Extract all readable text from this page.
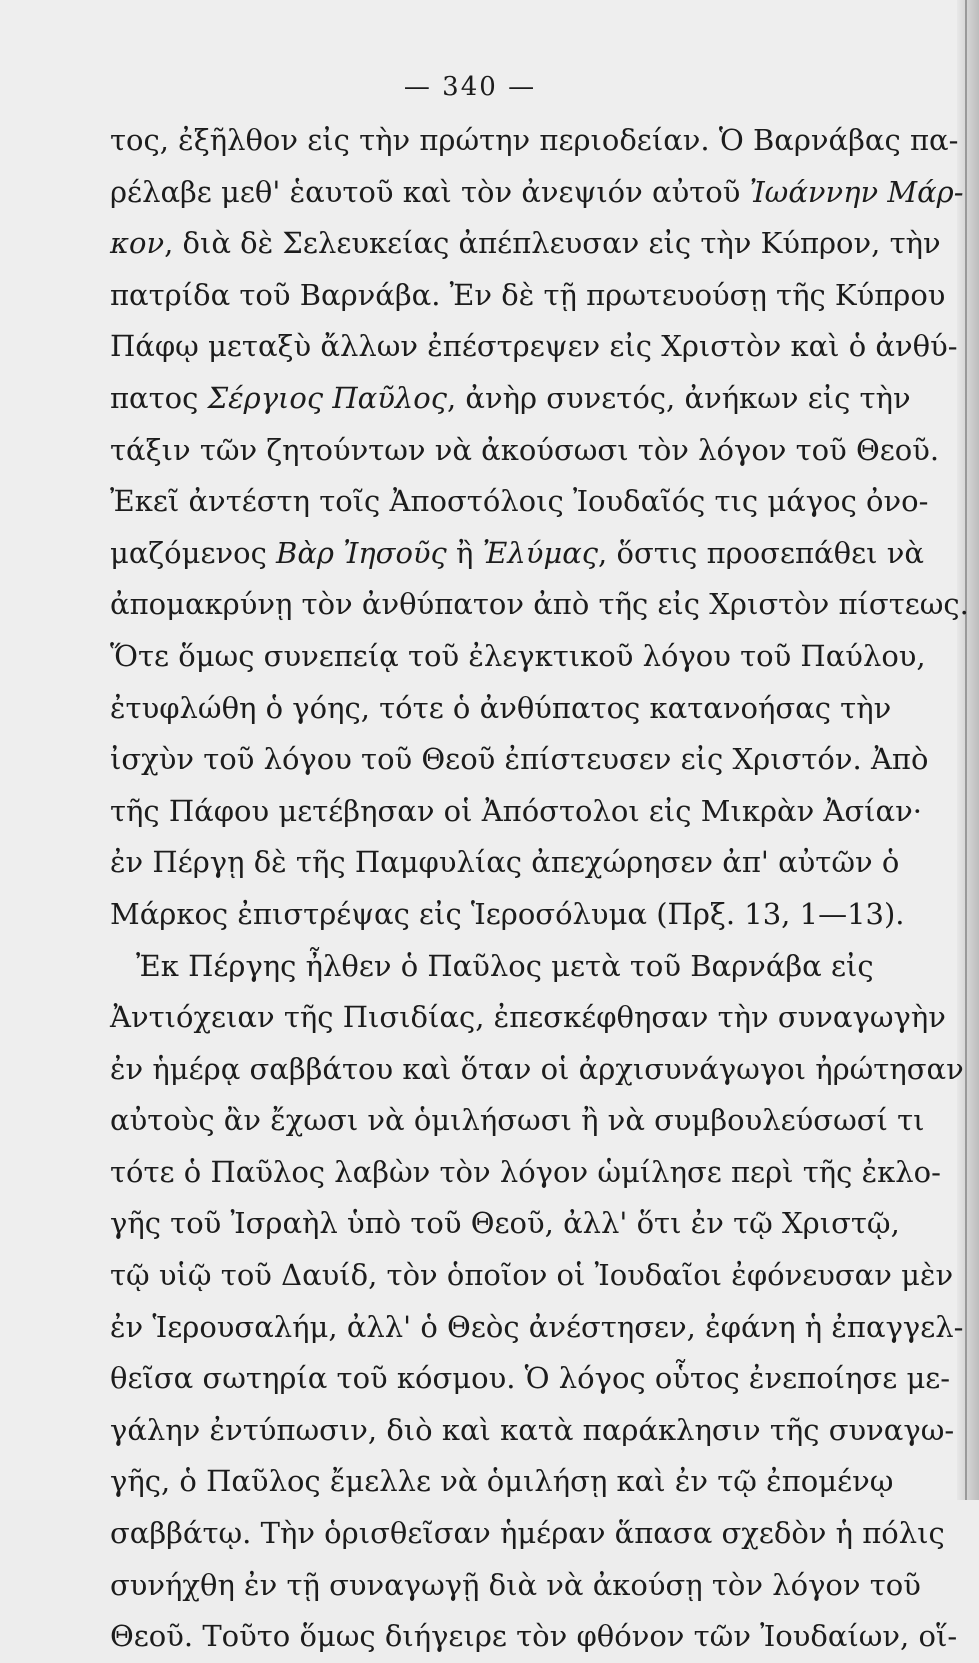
— 340 —
τος, ἐξῆλθον εἰς τὴν πρώτην περιοδείαν. Ὁ Βαρνάβας πα-
ρέλαβε μεθ' ἑαυτοῦ καὶ τὸν ἀνεψιόν αὐτοῦ Ἰωάννην Μάρ-
κον, διὰ δὲ Σελευκείας ἀπέπλευσαν εἰς τὴν Κύπρον, τὴν
πατρίδα τοῦ Βαρνάβα. Ἐν δὲ τῇ πρωτευούσῃ τῆς Κύπρου
Πάφῳ μεταξὺ ἄλλων ἐπέστρεψεν εἰς Χριστὸν καὶ ὁ ἀνθύ-
πατος Σέργιος Παῦλος, ἀνὴρ συνετός, ἀνήκων εἰς τὴν
τάξιν τῶν ζητούντων νὰ ἀκούσωσι τὸν λόγον τοῦ Θεοῦ.
Ἐκεῖ ἀντέστη τοῖς Ἀποστόλοις Ἰουδαῖός τις μάγος ὀνο-
μαζόμενος Βὰρ Ἰησοῦς ἢ Ἐλύμας, ὅστις προσεπάθει νὰ
ἀπομακρύνῃ τὸν ἀνθύπατον ἀπὸ τῆς εἰς Χριστὸν πίστεως.
Ὅτε ὅμως συνεπείᾳ τοῦ ἐλεγκτικοῦ λόγου τοῦ Παύλου,
ἐτυφλώθη ὁ γόης, τότε ὁ ἀνθύπατος κατανοήσας τὴν
ἰσχὺν τοῦ λόγου τοῦ Θεοῦ ἐπίστευσεν εἰς Χριστόν. Ἀπὸ
τῆς Πάφου μετέβησαν οἱ Ἀπόστολοι εἰς Μικρὰν Ἀσίαν·
ἐν Πέργῃ δὲ τῆς Παμφυλίας ἀπεχώρησεν ἀπ' αὐτῶν ὁ
Μάρκος ἐπιστρέψας εἰς Ἱεροσόλυμα (Πρξ. 13, 1—13).
Ἐκ Πέργης ἦλθεν ὁ Παῦλος μετὰ τοῦ Βαρνάβα εἰς
Ἀντιόχειαν τῆς Πισιδίας, ἐπεσκέφθησαν τὴν συναγωγὴν
ἐν ἡμέρᾳ σαββάτου καὶ ὅταν οἱ ἀρχισυνάγωγοι ἠρώτησαν
αὐτοὺς ἂν ἔχωσι νὰ ὁμιλήσωσι ἢ νὰ συμβουλεύσωσί τι
τότε ὁ Παῦλος λαβὼν τὸν λόγον ὡμίλησε περὶ τῆς ἐκλο-
γῆς τοῦ Ἰσραὴλ ὑπὸ τοῦ Θεοῦ, ἀλλ' ὅτι ἐν τῷ Χριστῷ,
τῷ υἱῷ τοῦ Δαυίδ, τὸν ὁποῖον οἱ Ἰουδαῖοι ἐφόνευσαν μὲν
ἐν Ἱερουσαλήμ, ἀλλ' ὁ Θεὸς ἀνέστησεν, ἐφάνη ἡ ἐπαγγελ-
θεῖσα σωτηρία τοῦ κόσμου. Ὁ λόγος οὗτος ἐνεποίησε με-
γάλην ἐντύπωσιν, διὸ καὶ κατὰ παράκλησιν τῆς συναγω-
γῆς, ὁ Παῦλος ἔμελλε νὰ ὁμιλήσῃ καὶ ἐν τῷ ἐπομένῳ
σαββάτῳ. Τὴν ὁρισθεῖσαν ἡμέραν ἅπασα σχεδὸν ἡ πόλις
συνήχθη ἐν τῇ συναγωγῇ διὰ νὰ ἀκούσῃ τὸν λόγον τοῦ
Θεοῦ. Τοῦτο ὅμως διήγειρε τὸν φθόνον τῶν Ἰουδαίων, οἵ-
